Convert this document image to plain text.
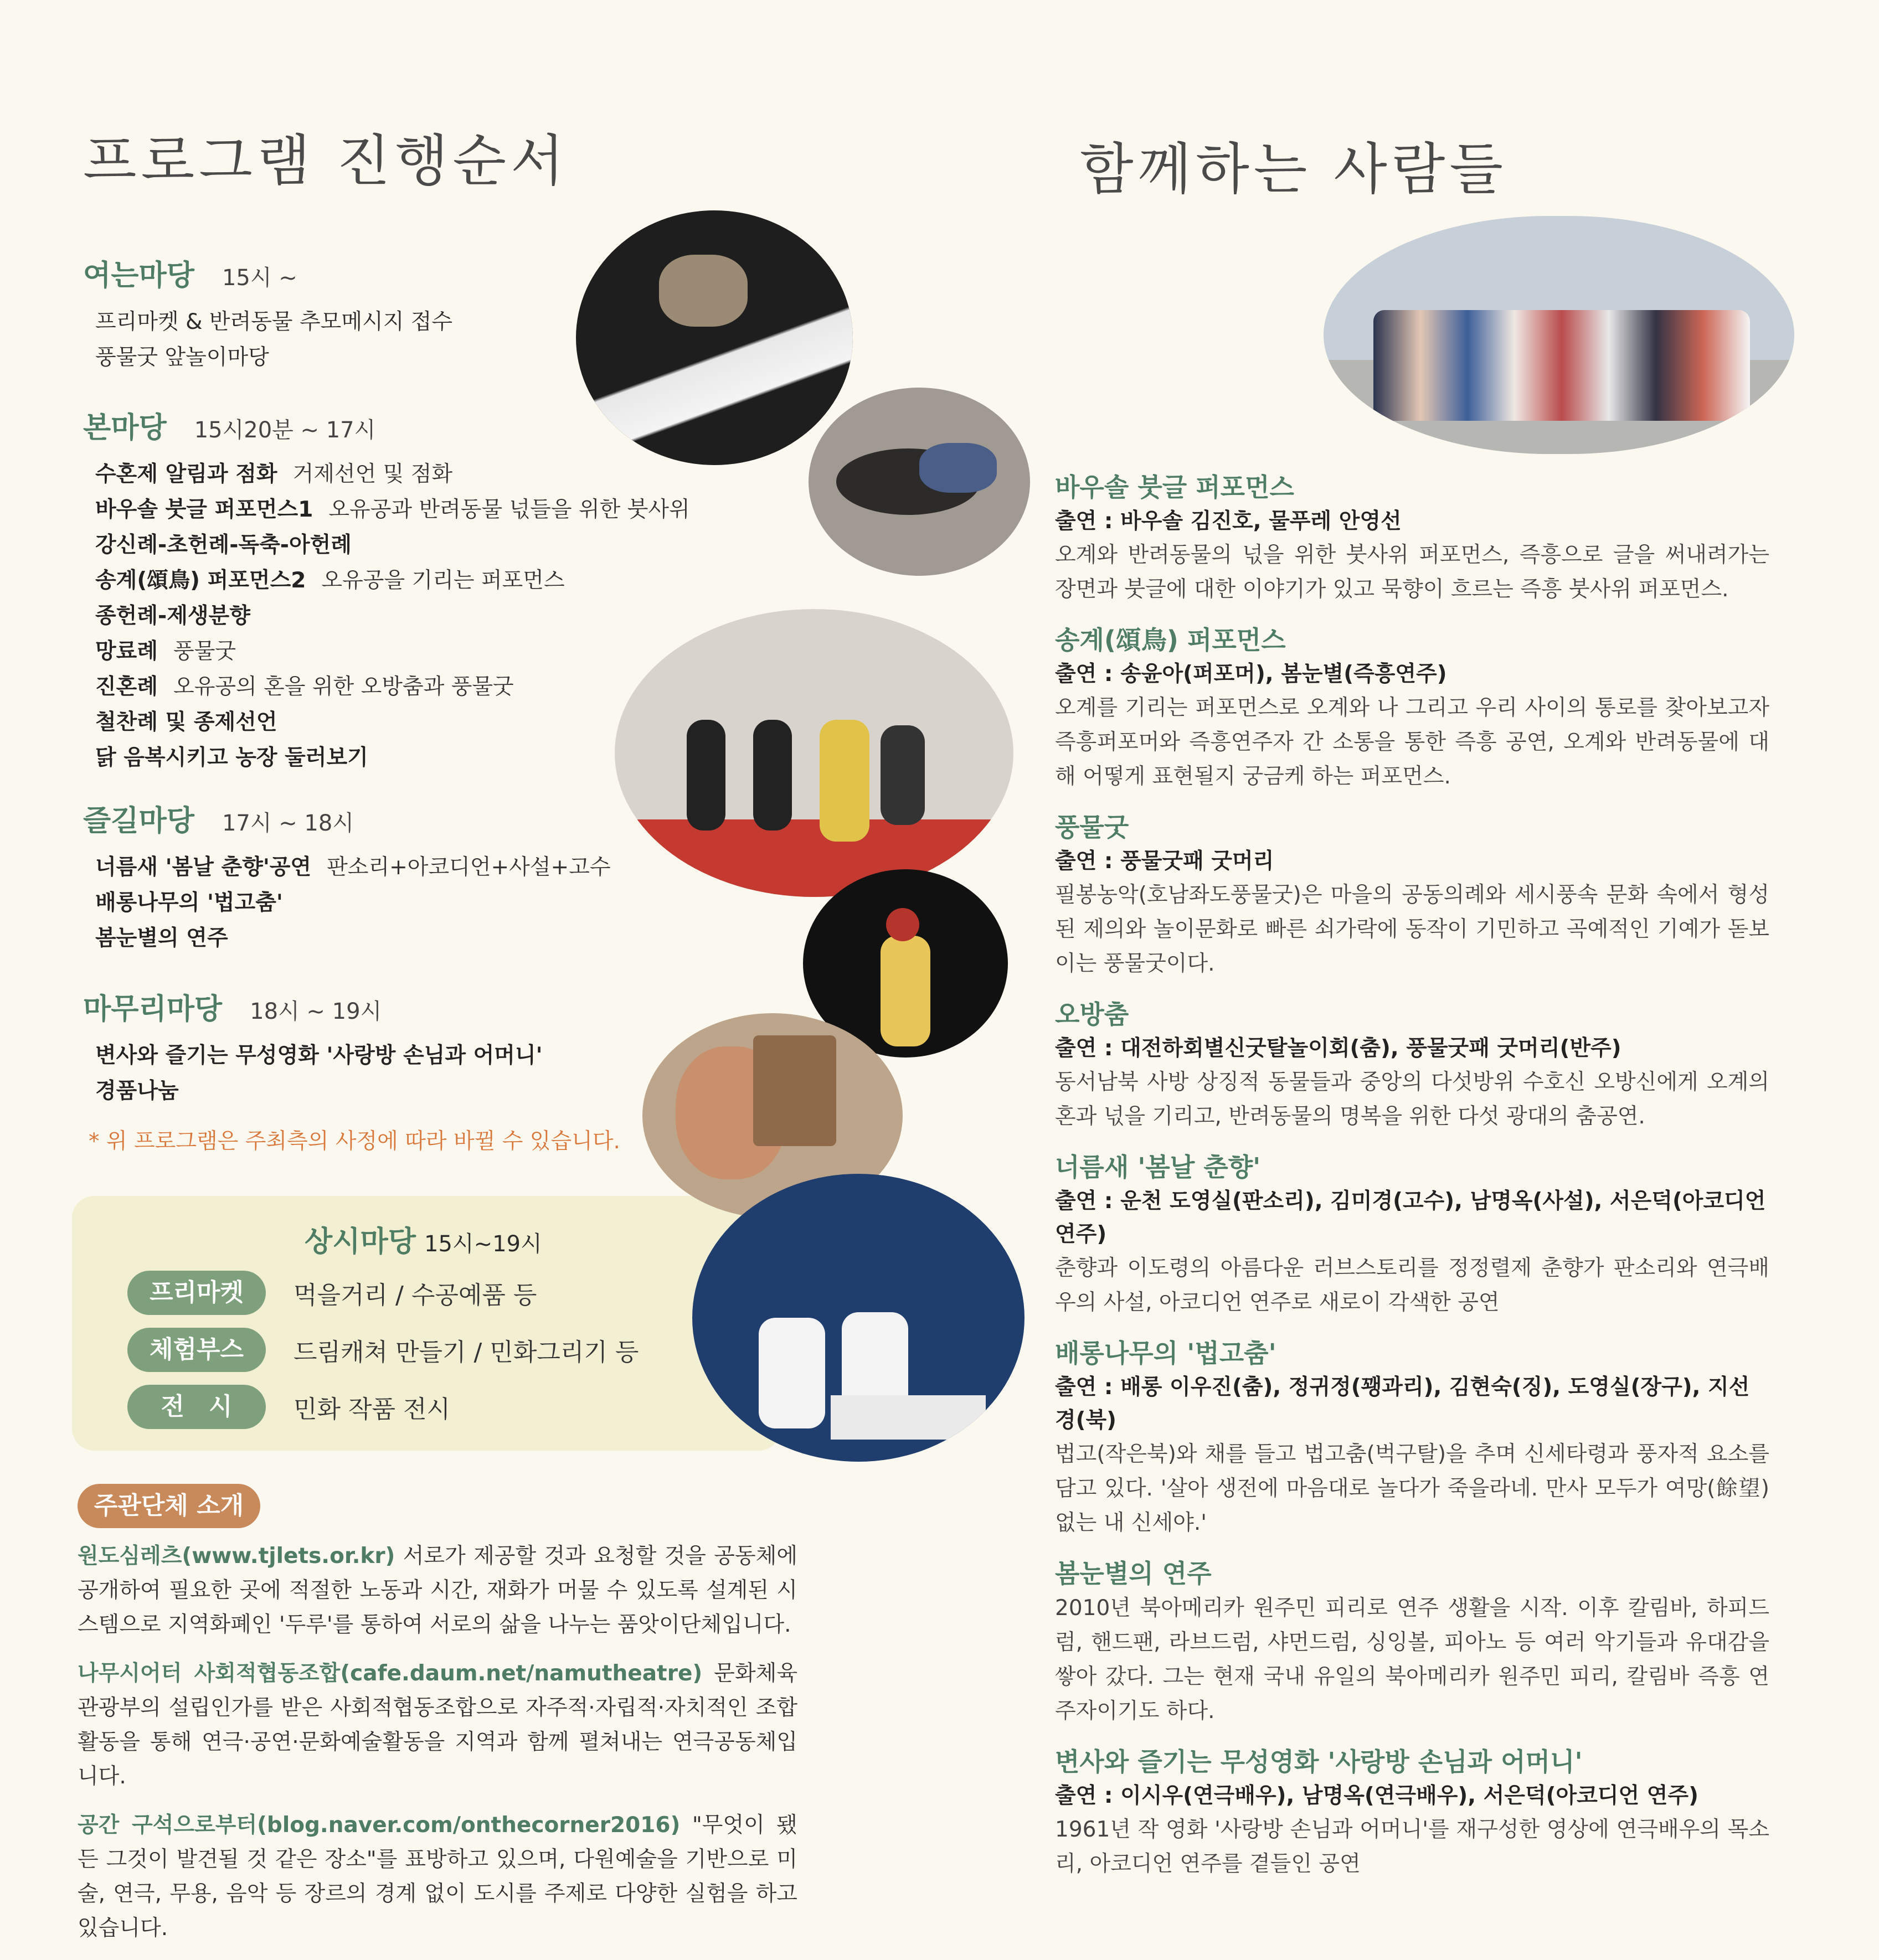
프로그램 진행순서
여는마당 15시 ~
프리마켓 & 반려동물 추모메시지 접수
풍물굿 앞놀이마당
본마당 15시20분 ~ 17시
수혼제 알림과 점화 거제선언 및 점화
바우솔 붓글 퍼포먼스1 오유공과 반려동물 넋들을 위한 붓사위
강신례-초헌례-독축-아헌례
송계(頌鳥) 퍼포먼스2 오유공을 기리는 퍼포먼스
종헌례-제생분향
망료례 풍물굿
진혼례 오유공의 혼을 위한 오방춤과 풍물굿
철찬례 및 종제선언
닭 음복시키고 농장 둘러보기
즐길마당 17시 ~ 18시
너름새 '봄날 춘향'공연 판소리+아코디언+사설+고수
배롱나무의 '법고춤'
봄눈별의 연주
마무리마당 18시 ~ 19시
변사와 즐기는 무성영화 '사랑방 손님과 어머니'
경품나눔
* 위 프로그램은 주최측의 사정에 따라 바뀔 수 있습니다.
상시마당 15시~19시
프리마켓	먹을거리 / 수공예품 등
체험부스	드림캐쳐 만들기 / 민화그리기 등
전　시	민화 작품 전시
주관단체 소개

원도심레츠(www.tjlets.or.kr) 서로가 제공할 것과 요청할 것을 공동체에 공개하여 필요한 곳에 적절한 노동과 시간, 재화가 머물 수 있도록 설계된 시스템으로 지역화폐인 '두루'를 통하여 서로의 삶을 나누는 품앗이단체입니다.

나무시어터 사회적협동조합(cafe.daum.net/namutheatre) 문화체육관광부의 설립인가를 받은 사회적협동조합으로 자주적·자립적·자치적인 조합 활동을 통해 연극·공연·문화예술활동을 지역과 함께 펼쳐내는 연극공동체입니다.

공간 구석으로부터(blog.naver.com/onthecorner2016) "무엇이 됐든 그것이 발견될 것 같은 장소"를 표방하고 있으며, 다원예술을 기반으로 미술, 연극, 무용, 음악 등 장르의 경계 없이 도시를 주제로 다양한 실험을 하고 있습니다.

함께하는 사람들
바우솔 붓글 퍼포먼스
출연 : 바우솔 김진호, 물푸레 안영선
오계와 반려동물의 넋을 위한 붓사위 퍼포먼스, 즉흥으로 글을 써내려가는 장면과 붓글에 대한 이야기가 있고 묵향이 흐르는 즉흥 붓사위 퍼포먼스.
송계(頌鳥) 퍼포먼스
출연 : 송윤아(퍼포머), 봄눈별(즉흥연주)
오계를 기리는 퍼포먼스로 오계와 나 그리고 우리 사이의 통로를 찾아보고자 즉흥퍼포머와 즉흥연주자 간 소통을 통한 즉흥 공연, 오계와 반려동물에 대해 어떻게 표현될지 궁금케 하는 퍼포먼스.
풍물굿
출연 : 풍물굿패 굿머리
필봉농악(호남좌도풍물굿)은 마을의 공동의례와 세시풍속 문화 속에서 형성된 제의와 놀이문화로 빠른 쇠가락에 동작이 기민하고 곡예적인 기예가 돋보이는 풍물굿이다.
오방춤
출연 : 대전하회별신굿탈놀이회(춤), 풍물굿패 굿머리(반주)
동서남북 사방 상징적 동물들과 중앙의 다섯방위 수호신 오방신에게 오계의 혼과 넋을 기리고, 반려동물의 명복을 위한 다섯 광대의 춤공연.
너름새 '봄날 춘향'
출연 : 운천 도영실(판소리), 김미경(고수), 남명옥(사설), 서은덕(아코디언 연주)
춘향과 이도령의 아름다운 러브스토리를 정정렬제 춘향가 판소리와 연극배우의 사설, 아코디언 연주로 새로이 각색한 공연
배롱나무의 '법고춤'
출연 : 배롱 이우진(춤), 정귀정(꽹과리), 김현숙(징), 도영실(장구), 지선경(북)
법고(작은북)와 채를 들고 법고춤(벅구탈)을 추며 신세타령과 풍자적 요소를 담고 있다. '살아 생전에 마음대로 놀다가 죽을라네. 만사 모두가 여망(餘望)없는 내 신세야.'
봄눈별의 연주
2010년 북아메리카 원주민 피리로 연주 생활을 시작. 이후 칼림바, 하피드럼, 핸드팬, 라브드럼, 샤먼드럼, 싱잉볼, 피아노 등 여러 악기들과 유대감을 쌓아 갔다. 그는 현재 국내 유일의 북아메리카 원주민 피리, 칼림바 즉흥 연주자이기도 하다.
변사와 즐기는 무성영화 '사랑방 손님과 어머니'
출연 : 이시우(연극배우), 남명옥(연극배우), 서은덕(아코디언 연주)
1961년 작 영화 '사랑방 손님과 어머니'를 재구성한 영상에 연극배우의 목소리, 아코디언 연주를 곁들인 공연
